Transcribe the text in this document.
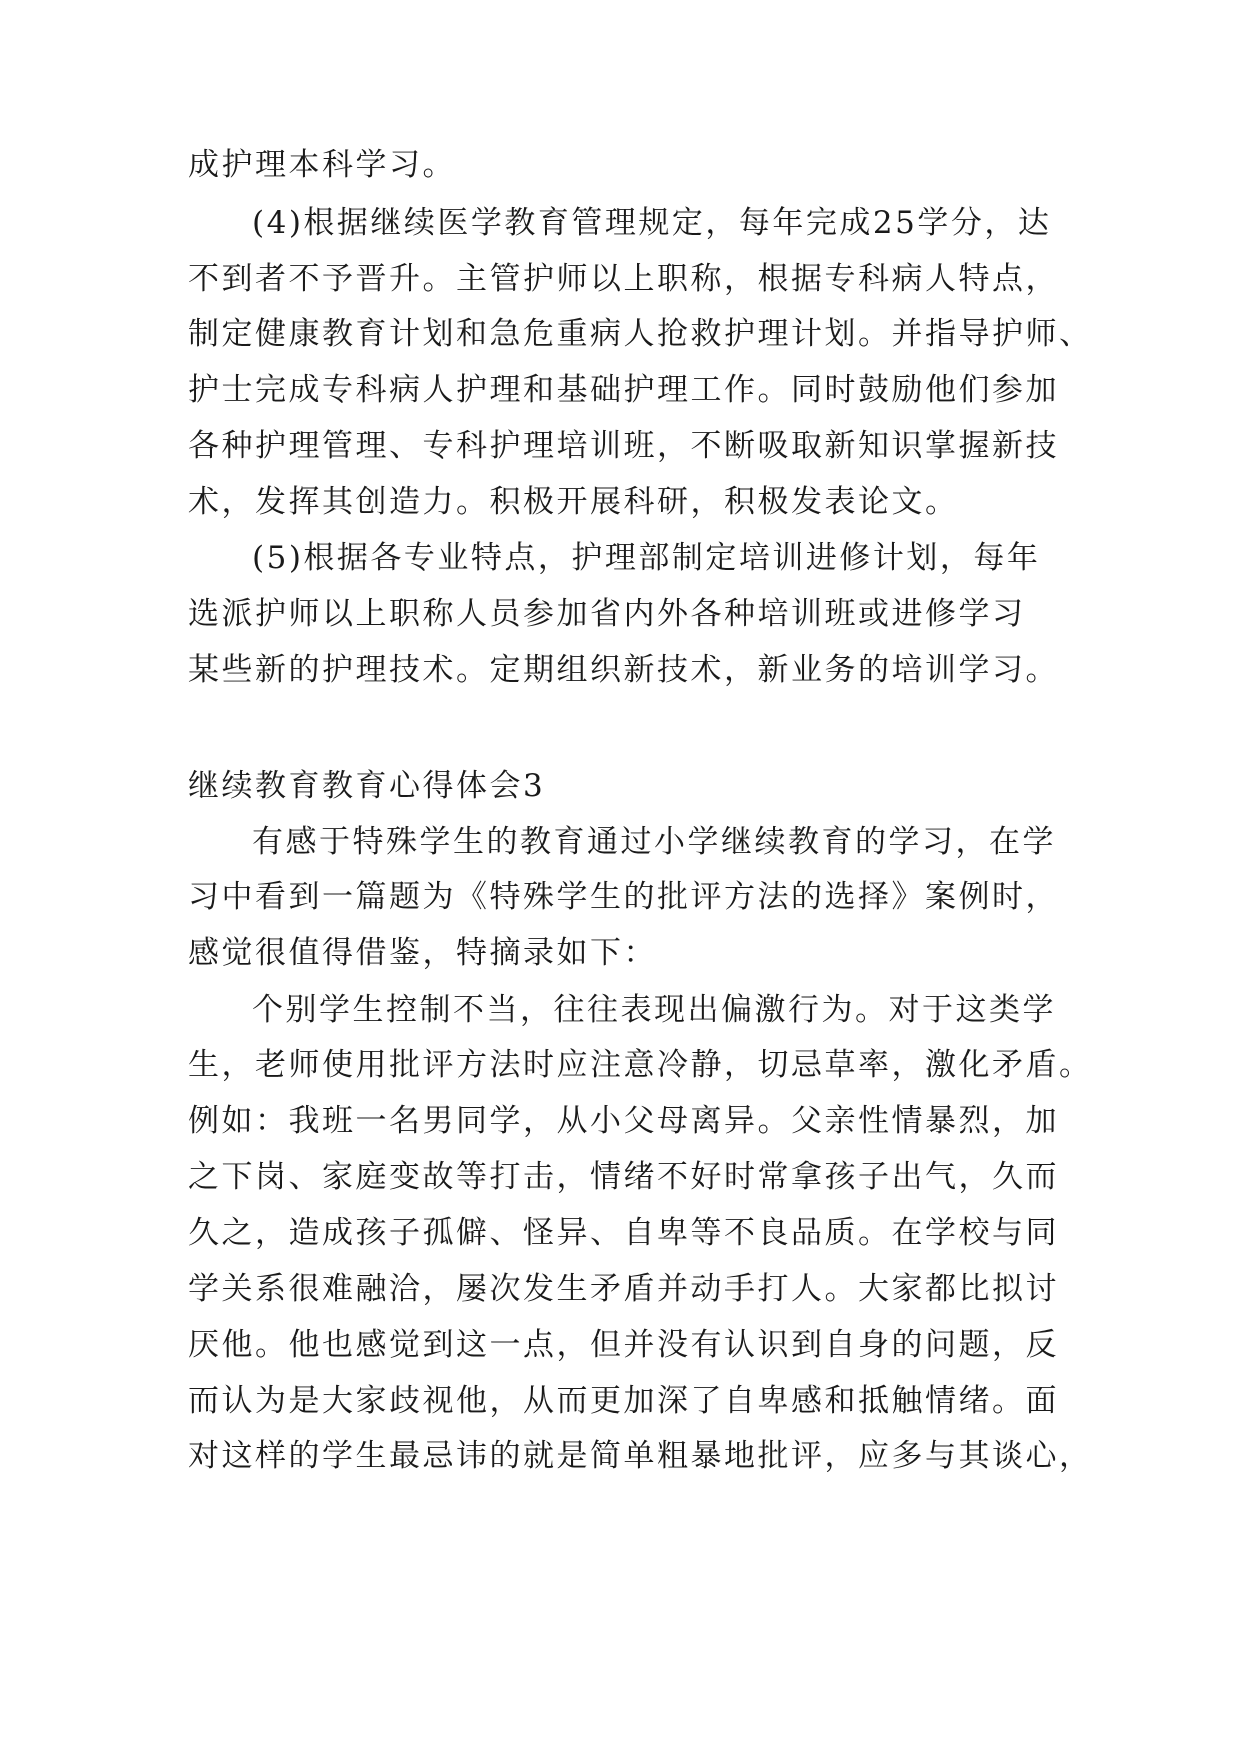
成护理本科学习。
(4)根据继续医学教育管理规定，每年完成25学分，达
不到者不予晋升。主管护师以上职称，根据专科病人特点，
制定健康教育计划和急危重病人抢救护理计划。并指导护师、
护士完成专科病人护理和基础护理工作。同时鼓励他们参加
各种护理管理、专科护理培训班，不断吸取新知识掌握新技
术，发挥其创造力。积极开展科研，积极发表论文。
(5)根据各专业特点，护理部制定培训进修计划，每年
选派护师以上职称人员参加省内外各种培训班或进修学习
某些新的护理技术。定期组织新技术，新业务的培训学习。
继续教育教育心得体会3
有感于特殊学生的教育通过小学继续教育的学习，在学
习中看到一篇题为《特殊学生的批评方法的选择》案例时，
感觉很值得借鉴，特摘录如下：
个别学生控制不当，往往表现出偏激行为。对于这类学
生，老师使用批评方法时应注意冷静，切忌草率，激化矛盾。
例如：我班一名男同学，从小父母离异。父亲性情暴烈，加
之下岗、家庭变故等打击，情绪不好时常拿孩子出气，久而
久之，造成孩子孤僻、怪异、自卑等不良品质。在学校与同
学关系很难融洽，屡次发生矛盾并动手打人。大家都比拟讨
厌他。他也感觉到这一点，但并没有认识到自身的问题，反
而认为是大家歧视他，从而更加深了自卑感和抵触情绪。面
对这样的学生最忌讳的就是简单粗暴地批评，应多与其谈心，
